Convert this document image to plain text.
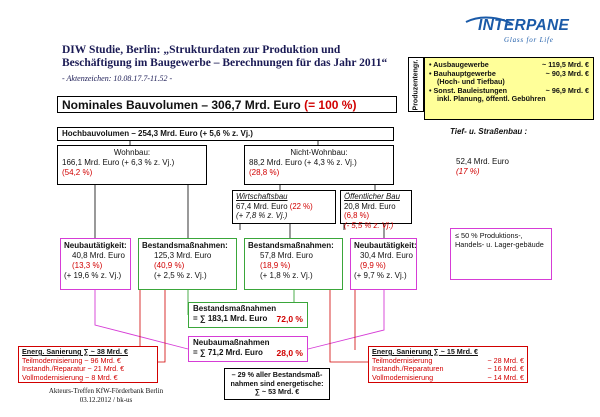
DIW Studie, Berlin: „Strukturdaten zur Produktion und
Beschäftigung im Baugewerbe – Berechnungen für das Jahr 2011“
- Aktenzeichen: 10.08.17.7-11.52 -
INTERPANE
Glass for Life
Produzentengr. • Ausbaugewerbe	~ 119,5 Mrd. €
• Bauhauptgewerbe	~ 90,3 Mrd. €
(Hoch- und Tiefbau)
• Sonst. Bauleistungen	~ 96,9 Mrd. €
inkl. Planung, öffentl. Gebühren
Nominales Bauvolumen – 306,7 Mrd. Euro (= 100 %)
Hochbauvolumen – 254,3 Mrd. Euro (+ 5,6 % z. Vj.)	Tief- u. Straßenbau :
52,4 Mrd. Euro
(17 %)
Wohnbau:
166,1 Mrd. Euro (+ 6,3 % z. Vj.)
(54,2 %)
Nicht-Wohnbau:
88,2 Mrd. Euro (+ 4,3 % z. Vj.)
(28,8 %)
Wirtschaftsbau
67,4 Mrd. Euro (22 %)
(+ 7,8 % z. Vj.)
Öffentlicher Bau
20,8 Mrd. Euro (6,8 %)
(- 5,5 % z. Vj.)
Neubautätigkeit:
40,8 Mrd. Euro
(13,3 %)
(+ 19,6 % z. Vj.)
Bestandsmaßnahmen:
125,3 Mrd. Euro
(40,9 %)
(+ 2,5 % z. Vj.)
Bestandsmaßnahmen:
57,8 Mrd. Euro
(18,9 %)
(+ 1,8 % z. Vj.)
Neubautätigkeit:
30,4 Mrd. Euro
(9,9 %)
(+ 9,7 % z. Vj.)
≤ 50 % Produktions-, Handels- u. Lager-gebäude
Bestandsmaßnahmen
= ∑ 183,1 Mrd. Euro 72,0 %
Neubaumaßnahmen
= ∑ 71,2 Mrd. Euro 28,0 %
Energ. Sanierung ∑ ~ 38 Mrd. €
Teilmodernisierung ~ 96 Mrd. €
Instandh./Reparatur ~ 21 Mrd. €
Vollmodernisierung ~ 8 Mrd. €
Energ. Sanierung ∑ ~ 15 Mrd. €
Teilmodernisierung	~ 28 Mrd. €
Instandh./Reparaturen	~ 16 Mrd. €
Vollmodernisierung	~ 14 Mrd. €
– 29 % aller Bestandsmaß-
nahmen sind energetische:
∑ ~ 53 Mrd. €
Akteurs-Treffen KfW-Förderbank Berlin
03.12.2012 / bk-us
